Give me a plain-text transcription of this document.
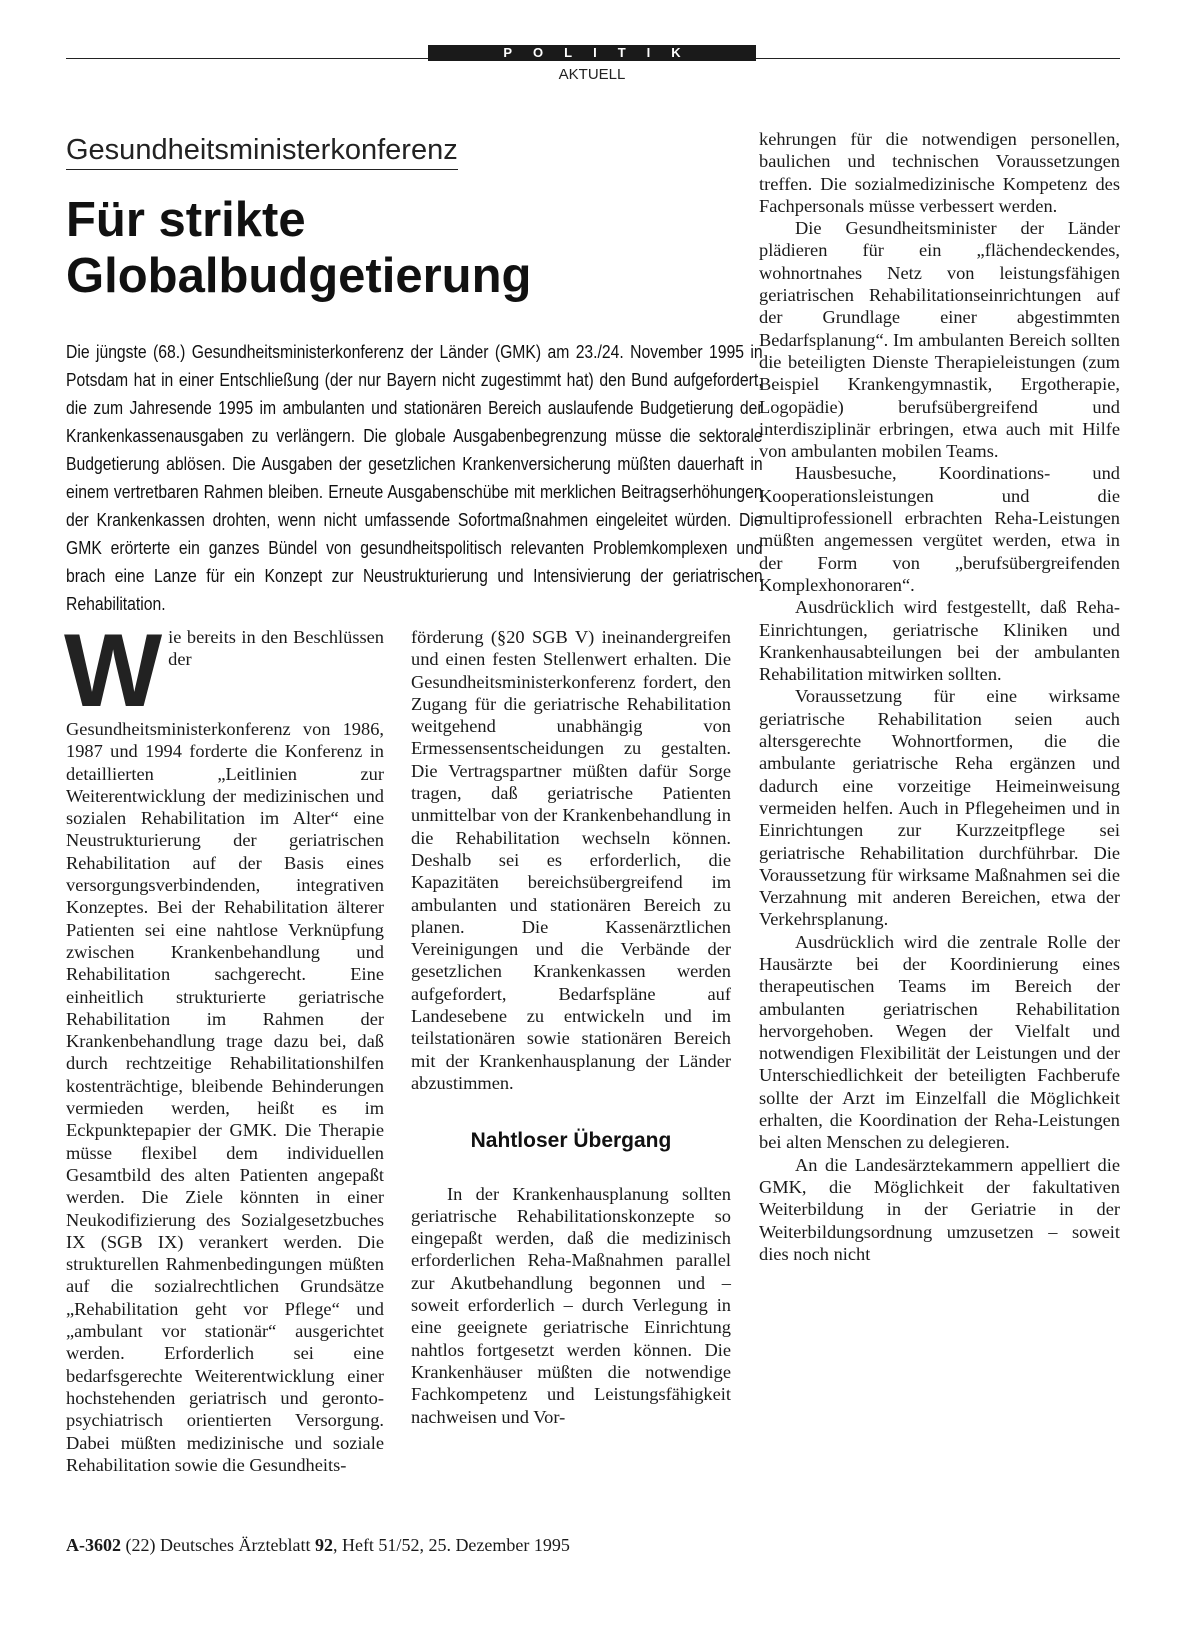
POLITIK
AKTUELL
Gesundheitsministerkonferenz
Für strikte
Globalbudgetierung
Die jüngste (68.) Gesundheitsministerkonferenz der Länder (GMK) am 23./24. November 1995 in Potsdam hat in einer Entschließung (der nur Bayern nicht zugestimmt hat) den Bund aufgefordert, die zum Jahresende 1995 im ambulanten und stationären Bereich auslaufende Budgetierung der Krankenkassenausgaben zu verlängern. Die globale Ausgabenbegrenzung müsse die sektorale Budgetierung ablösen. Die Ausgaben der gesetzlichen Krankenversicherung müßten dauerhaft in einem vertretbaren Rahmen bleiben. Erneute Ausgabenschübe mit merklichen Beitragserhöhungen der Krankenkassen drohten, wenn nicht umfassende Sofortmaßnahmen eingeleitet würden. Die GMK erörterte ein ganzes Bündel von gesundheitspolitisch relevanten Problemkomplexen und brach eine Lanze für ein Konzept zur Neustrukturierung und Intensivierung der geriatrischen Rehabilitation.

Wie bereits in den Beschlüssen der Gesundheitsministerkonferenz von 1986, 1987 und 1994 forderte die Konferenz in detaillierten „Leitlinien zur Weiterentwicklung der medizinischen und sozialen Rehabilitation im Alter“ eine Neustrukturierung der geriatrischen Rehabilitation auf der Basis eines versorgungsverbindenden, integrativen Konzeptes. Bei der Rehabilitation älterer Patienten sei eine nahtlose Verknüpfung zwischen Krankenbehandlung und Rehabilitation sachgerecht. Eine einheitlich strukturierte geriatrische Rehabilitation im Rahmen der Krankenbehandlung trage dazu bei, daß durch rechtzeitige Rehabilitationshilfen kostenträchtige, bleibende Behinderungen vermieden werden, heißt es im Eckpunktepapier der GMK. Die Therapie müsse flexibel dem individuellen Gesamtbild des alten Patienten angepaßt werden. Die Ziele könnten in einer Neukodifizierung des Sozialgesetzbuches IX (SGB IX) verankert werden. Die strukturellen Rahmenbedingungen müßten auf die sozialrechtlichen Grundsätze „Rehabilitation geht vor Pflege“ und „ambulant vor stationär“ ausgerichtet werden. Erforderlich sei eine bedarfsgerechte Weiterentwicklung einer hochstehenden geriatrisch und geronto-psychiatrisch orientierten Versorgung. Dabei müßten medizinische und soziale Rehabilitation sowie die Gesundheits-

förderung (§20 SGB V) ineinandergreifen und einen festen Stellenwert erhalten. Die Gesundheitsministerkonferenz fordert, den Zugang für die geriatrische Rehabilitation weitgehend unabhängig von Ermessensentscheidungen zu gestalten. Die Vertragspartner müßten dafür Sorge tragen, daß geriatrische Patienten unmittelbar von der Krankenbehandlung in die Rehabilitation wechseln können. Deshalb sei es erforderlich, die Kapazitäten bereichsübergreifend im ambulanten und stationären Bereich zu planen. Die Kassenärztlichen Vereinigungen und die Verbände der gesetzlichen Krankenkassen werden aufgefordert, Bedarfspläne auf Landesebene zu entwickeln und im teilstationären sowie stationären Bereich mit der Krankenhausplanung der Länder abzustimmen.

Nahtloser Übergang

In der Krankenhausplanung sollten geriatrische Rehabilitationskonzepte so eingepaßt werden, daß die medizinisch erforderlichen Reha-Maßnahmen parallel zur Akutbehandlung begonnen und – soweit erforderlich – durch Verlegung in eine geeignete geriatrische Einrichtung nahtlos fortgesetzt werden können. Die Krankenhäuser müßten die notwendige Fachkompetenz und Leistungsfähigkeit nachweisen und Vor-

kehrungen für die notwendigen personellen, baulichen und technischen Voraussetzungen treffen. Die sozialmedizinische Kompetenz des Fachpersonals müsse verbessert werden.

Die Gesundheitsminister der Länder plädieren für ein „flächendeckendes, wohnortnahes Netz von leistungsfähigen geriatrischen Rehabilitationseinrichtungen auf der Grundlage einer abgestimmten Bedarfsplanung“. Im ambulanten Bereich sollten die beteiligten Dienste Therapieleistungen (zum Beispiel Krankengymnastik, Ergotherapie, Logopädie) berufsübergreifend und interdisziplinär erbringen, etwa auch mit Hilfe von ambulanten mobilen Teams.

Hausbesuche, Koordinations- und Kooperationsleistungen und die multiprofessionell erbrachten Reha-Leistungen müßten angemessen vergütet werden, etwa in der Form von „berufsübergreifenden Komplexhonoraren“.

Ausdrücklich wird festgestellt, daß Reha-Einrichtungen, geriatrische Kliniken und Krankenhausabteilungen bei der ambulanten Rehabilitation mitwirken sollten.

Voraussetzung für eine wirksame geriatrische Rehabilitation seien auch altersgerechte Wohnortformen, die die ambulante geriatrische Reha ergänzen und dadurch eine vorzeitige Heimeinweisung vermeiden helfen. Auch in Pflegeheimen und in Einrichtungen zur Kurzzeitpflege sei geriatrische Rehabilitation durchführbar. Die Voraussetzung für wirksame Maßnahmen sei die Verzahnung mit anderen Bereichen, etwa der Verkehrsplanung.

Ausdrücklich wird die zentrale Rolle der Hausärzte bei der Koordinierung eines therapeutischen Teams im Bereich der ambulanten geriatrischen Rehabilitation hervorgehoben. Wegen der Vielfalt und notwendigen Flexibilität der Leistungen und der Unterschiedlichkeit der beteiligten Fachberufe sollte der Arzt im Einzelfall die Möglichkeit erhalten, die Koordination der Reha-Leistungen bei alten Menschen zu delegieren.

An die Landesärztekammern appelliert die GMK, die Möglichkeit der fakultativen Weiterbildung in der Geriatrie in der Weiterbildungsordnung umzusetzen – soweit dies noch nicht

A-3602 (22) Deutsches Ärzteblatt 92, Heft 51/52, 25. Dezember 1995
